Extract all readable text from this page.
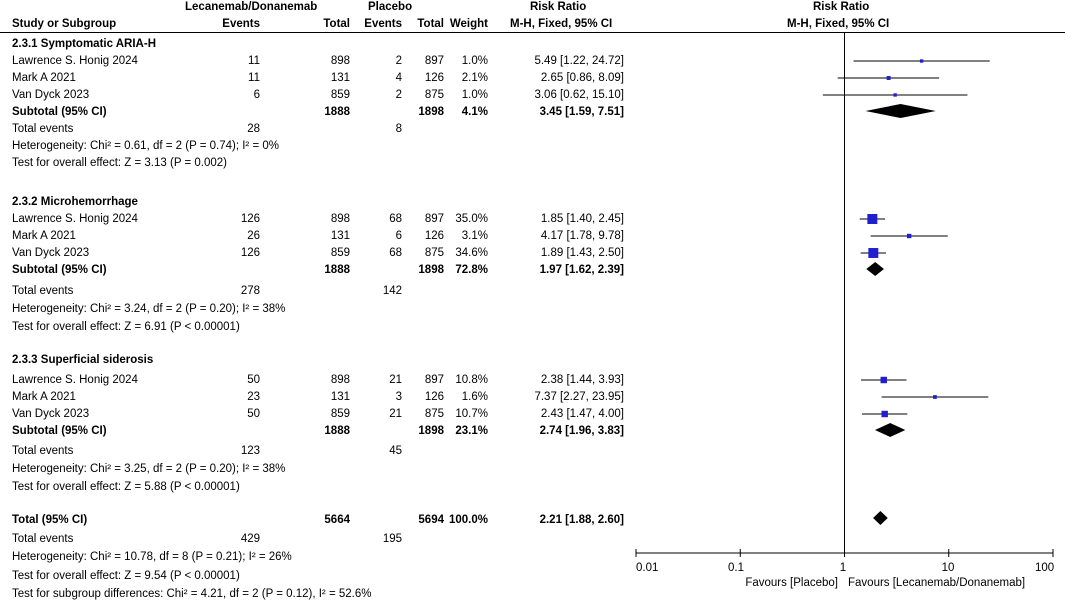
Lecanemab/Donanemab	Placebo	Risk Ratio	Risk Ratio
Study or Subgroup	Events	Total	Events	Total Weight M-H, Fixed, 95% CI	M-H, Fixed, 95% CI
2.3.1 Symptomatic ARIA-H
Lawrence S. Honig 2024	11	898	2	897	1.0%	5.49 [1.22, 24.72]
Mark A 2021	11	131	4	126	2.1%	2.65 [0.86, 8.09]
Van Dyck 2023	6	859	2	875	1.0%	3.06 [0.62, 15.10]
Subtotal (95% CI)	1888	1898	4.1%	3.45 [1.59, 7.51]
Total events	28	8
Heterogeneity: Chi² = 0.61, df = 2 (P = 0.74); I² = 0%
Test for overall effect: Z = 3.13 (P = 0.002)
2.3.2 Microhemorrhage
Lawrence S. Honig 2024	126	898	68	897 35.0%	1.85 [1.40, 2.45]
Mark A 2021	26	131	6	126	3.1%	4.17 [1.78, 9.78]
Van Dyck 2023	126	859	68	875 34.6%	1.89 [1.43, 2.50]
Subtotal (95% CI)	1888	1898 72.8%	1.97 [1.62, 2.39]
Total events	278	142
Heterogeneity: Chi² = 3.24, df = 2 (P = 0.20); I² = 38%
Test for overall effect: Z = 6.91 (P < 0.00001)
2.3.3 Superficial siderosis
Lawrence S. Honig 2024	50	898	21	897 10.8%	2.38 [1.44, 3.93]
Mark A 2021	23	131	3	126	1.6%	7.37 [2.27, 23.95]
Van Dyck 2023	50	859	21	875 10.7%	2.43 [1.47, 4.00]
Subtotal (95% CI)	1888	1898 23.1%	2.74 [1.96, 3.83]
Total events	123	45
Heterogeneity: Chi² = 3.25, df = 2 (P = 0.20); I² = 38%
Test for overall effect: Z = 5.88 (P < 0.00001)
Total (95% CI)	5664	5694 100.0%	2.21 [1.88, 2.60]
Total events	429	195
Heterogeneity: Chi² = 10.78, df = 8 (P = 0.21); I² = 26%
Test for overall effect: Z = 9.54 (P < 0.00001)
Test for subgroup differences: Chi² = 4.21, df = 2 (P = 0.12), I² = 52.6%
0.01	0.1	1	10	100
Favours [Placebo] Favours [Lecanemab/Donanemab]
